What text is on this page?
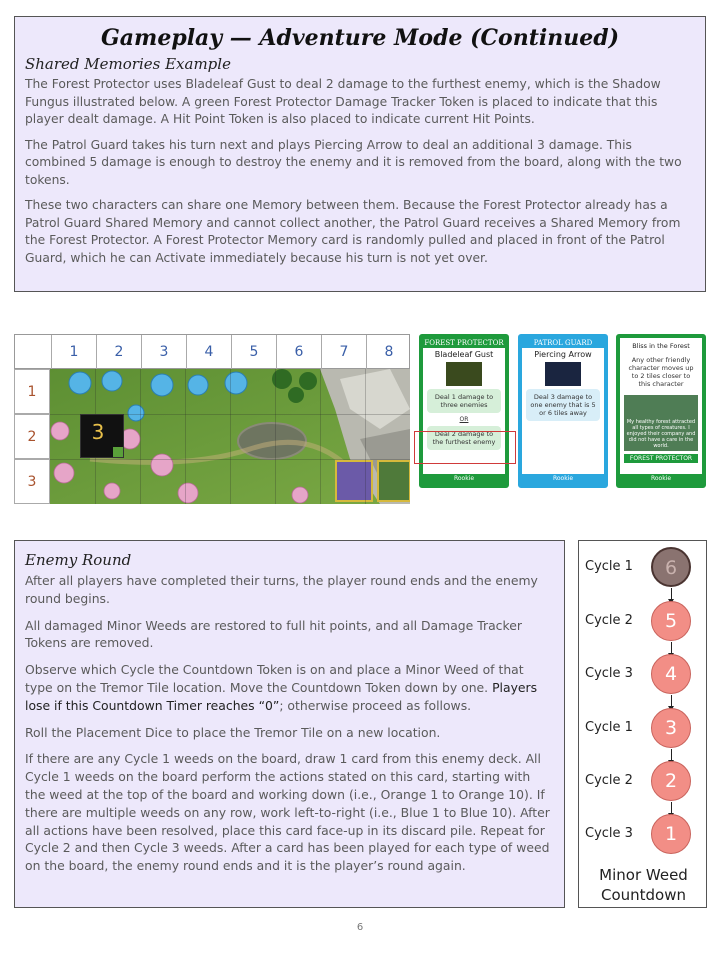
Gameplay — Adventure Mode (Continued)
Shared Memories Example

The Forest Protector uses Bladeleaf Gust to deal 2 damage to the furthest enemy, which is the Shadow Fungus illustrated below. A green Forest Protector Damage Tracker Token is placed to indicate that this player dealt damage. A Hit Point Token is also placed to indicate current Hit Points.

The Patrol Guard takes his turn next and plays Piercing Arrow to deal an additional 3 damage. This combined 5 damage is enough to destroy the enemy and it is removed from the board, along with the two tokens.

These two characters can share one Memory between them. Because the Forest Protector already has a Patrol Guard Shared Memory and cannot collect another, the Patrol Guard receives a Shared Memory from the Forest Protector. A Forest Protector Memory card is randomly pulled and placed in front of the Patrol Guard, which he can Activate immediately because his turn is not yet over.

1	2	3	4	5	6	7	8
1
2
3
3
FOREST PROTECTOR
Bladeleaf Gust
Deal 1 damage to three enemies
OR
Deal 2 damage to the furthest enemy
Rookie
PATROL GUARD
Piercing Arrow
Deal 3 damage to one enemy that is 5 or 6 tiles away
Rookie
Bliss in the Forest
Any other friendly character moves up to 2 tiles closer to this character
My healthy forest attracted all types of creatures. I enjoyed their company and did not have a care in the world.
FOREST PROTECTOR
Rookie
Enemy Round

After all players have completed their turns, the player round ends and the enemy round begins.

All damaged Minor Weeds are restored to full hit points, and all Damage Tracker Tokens are removed.

Observe which Cycle the Countdown Token is on and place a Minor Weed of that type on the Tremor Tile location. Move the Countdown Token down by one. Players lose if this Countdown Timer reaches “0”; otherwise proceed as follows.

Roll the Placement Dice to place the Tremor Tile on a new location.

If there are any Cycle 1 weeds on the board, draw 1 card from this enemy deck. All Cycle 1 weeds on the board perform the actions stated on this card, starting with the weed at the top of the board and working down (i.e., Orange 1 to Orange 10). If there are multiple weeds on any row, work left-to-right (i.e., Blue 1 to Blue 10). After all actions have been resolved, place this card face-up in its discard pile. Repeat for Cycle 2 and then Cycle 3 weeds. After a card has been played for each type of weed on the board, the enemy round ends and it is the player’s round again.

Cycle 1	6
Cycle 2	5
Cycle 3	4
Cycle 1	3
Cycle 2	2
Cycle 3	1
Minor Weed
Countdown
6
